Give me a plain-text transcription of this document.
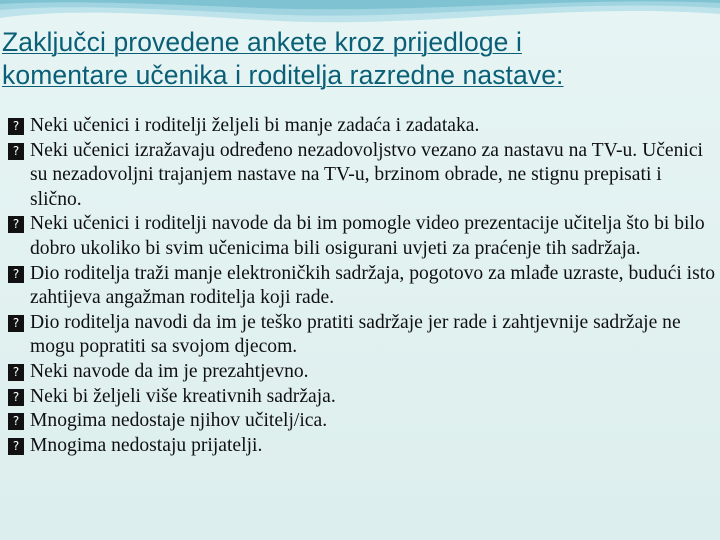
Zaključci provedene ankete kroz prijedloge i
komentare učenika i roditelja razredne nastave:
? Neki učenici i roditelji željeli bi manje zadaća i zadataka.
? Neki učenici izražavaju određeno nezadovoljstvo vezano za nastavu na TV-u. Učenici su nezadovoljni trajanjem nastave na TV-u, brzinom obrade, ne stignu prepisati i slično.
? Neki učenici i roditelji navode da bi im pomogle video prezentacije učitelja što bi bilo dobro ukoliko bi svim učenicima bili osigurani uvjeti za praćenje tih sadržaja.
? Dio roditelja traži manje elektroničkih sadržaja, pogotovo za mlađe uzraste, budući isto zahtijeva angažman roditelja koji rade.
? Dio roditelja navodi da im je teško pratiti sadržaje jer rade i zahtjevnije sadržaje ne mogu popratiti sa svojom djecom.
? Neki navode da im je prezahtjevno.
? Neki bi željeli više kreativnih sadržaja.
? Mnogima nedostaje njihov učitelj/ica.
? Mnogima nedostaju prijatelji.
